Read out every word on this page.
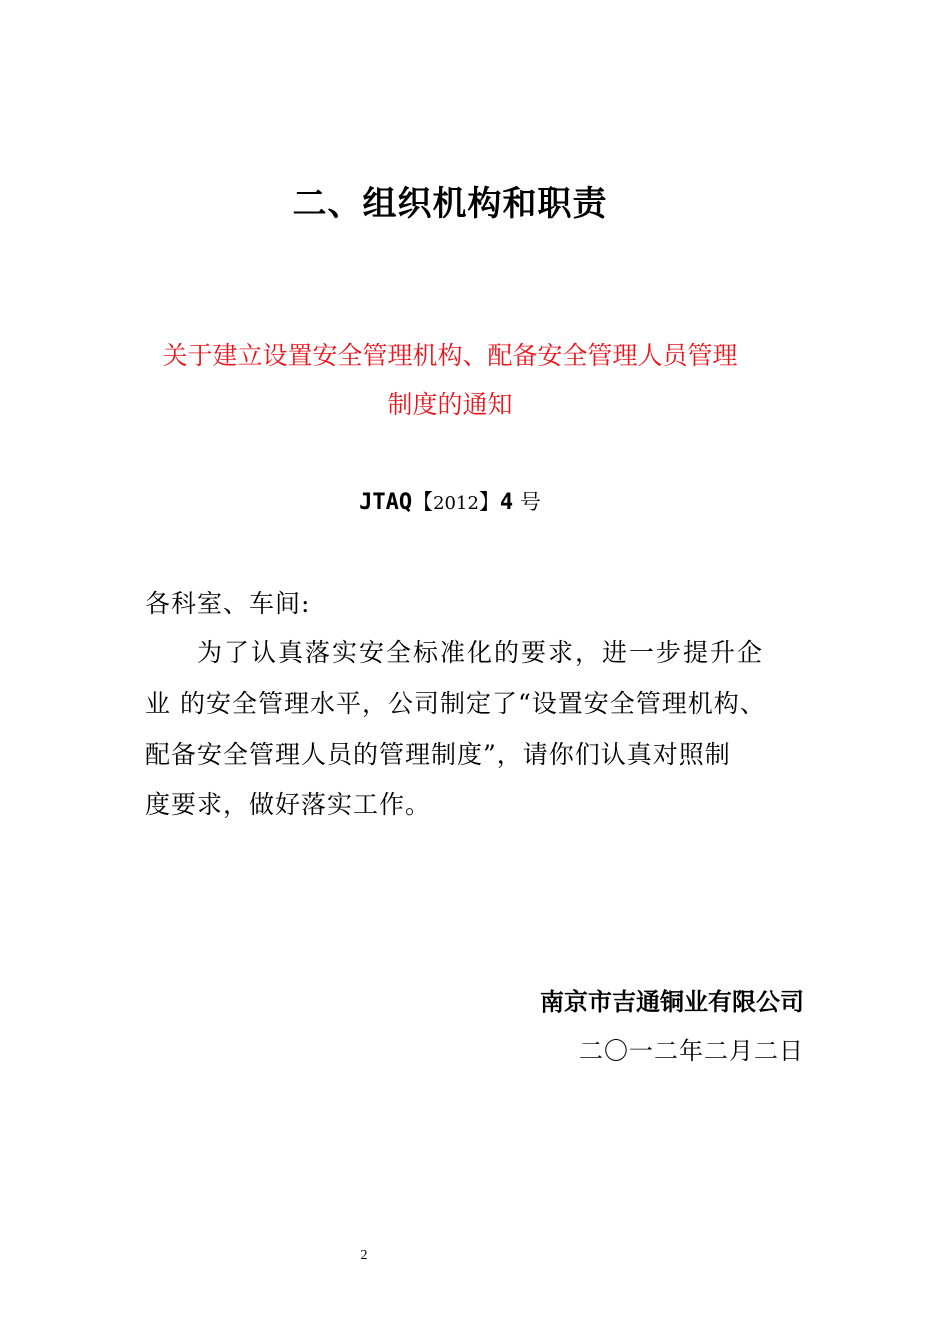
二、组织机构和职责
关于建立设置安全管理机构、配备安全管理人员管理
制度的通知
JTAQ【2012】4 号
各科室、车间:
为了认真落实安全标准化的要求，进一步提升企
业 的安全管理水平，公司制定了“设置安全管理机构、
配备安全管理人员的管理制度”，请你们认真对照制
度要求，做好落实工作。
南京市吉通铜业有限公司
二〇一二年二月二日
2
